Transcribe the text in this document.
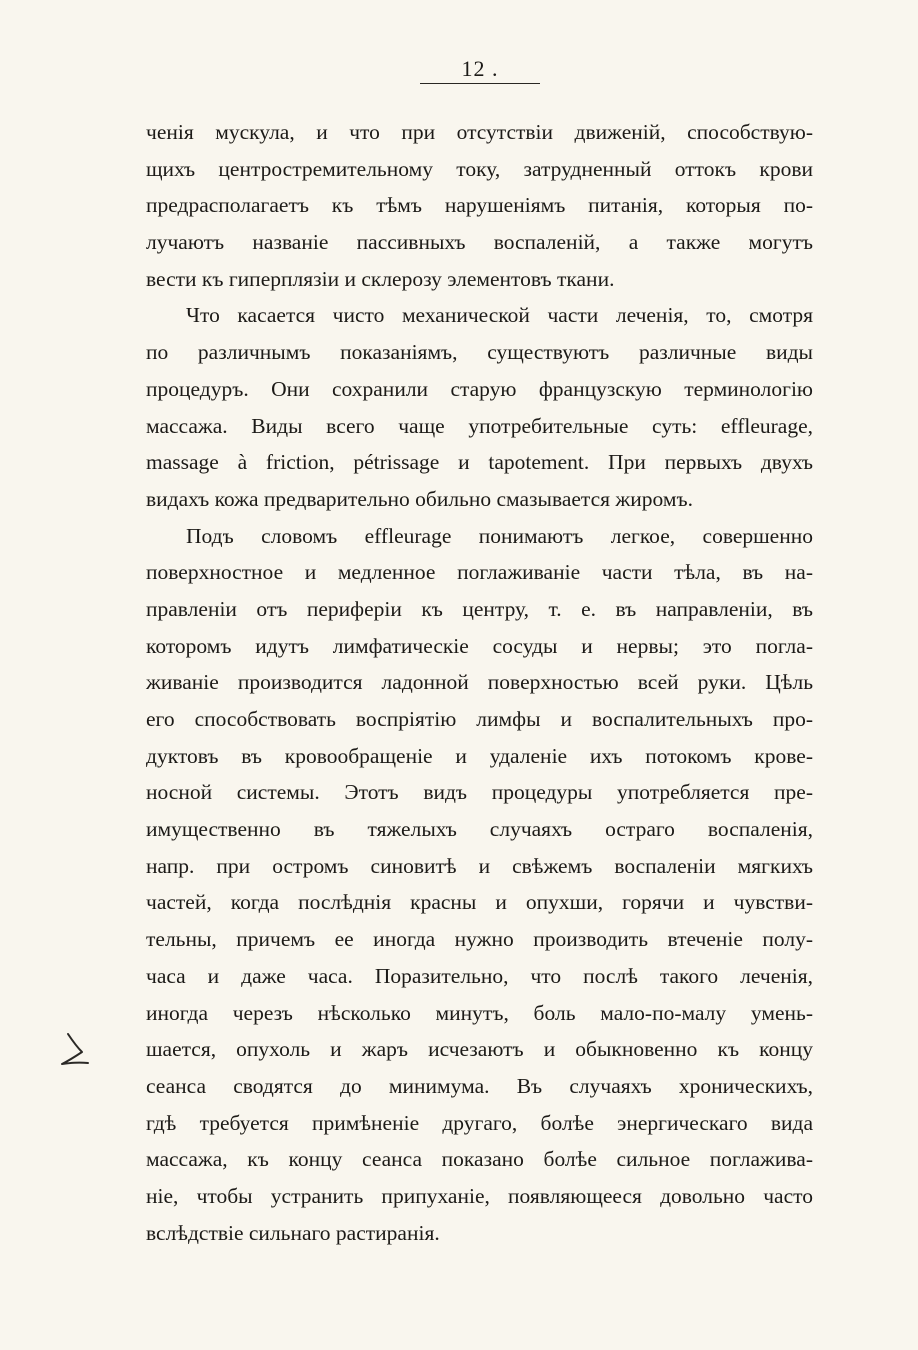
12 .
ченія мускула, и что при отсутствіи движеній, способствую-
щихъ центростремительному току, затрудненный оттокъ крови
предрасполагаетъ къ тѣмъ нарушеніямъ питанія, которыя по-
лучаютъ названіе пассивныхъ воспаленій, а также могутъ
вести къ гиперплязіи и склерозу элементовъ ткани.
Что касается чисто механической части леченія, то, смотря
по различнымъ показаніямъ, существуютъ различные виды
процедуръ. Они сохранили старую французскую терминологію
массажа. Виды всего чаще употребительные суть: effleurage,
massage à friction, pétrissage и tapotement. При первыхъ двухъ
видахъ кожа предварительно обильно смазывается жиромъ.
Подъ словомъ effleurage понимаютъ легкое, совершенно
поверхностное и медленное поглаживаніе части тѣла, въ на-
правленіи отъ периферіи къ центру, т. е. въ направленіи, въ
которомъ идутъ лимфатическіе сосуды и нервы; это погла-
живаніе производится ладонной поверхностью всей руки. Цѣль
его способствовать воспріятію лимфы и воспалительныхъ про-
дуктовъ въ кровообращеніе и удаленіе ихъ потокомъ крове-
носной системы. Этотъ видъ процедуры употребляется пре-
имущественно въ тяжелыхъ случаяхъ остраго воспаленія,
напр. при остромъ синовитѣ и свѣжемъ воспаленіи мягкихъ
частей, когда послѣднія красны и опухши, горячи и чувстви-
тельны, причемъ ее иногда нужно производить втеченіе полу-
часа и даже часа. Поразительно, что послѣ такого леченія,
иногда черезъ нѣсколько минутъ, боль мало-по-малу умень-
шается, опухоль и жаръ исчезаютъ и обыкновенно къ концу
сеанса сводятся до минимума. Въ случаяхъ хроническихъ,
гдѣ требуется примѣненіе другаго, болѣе энергическаго вида
массажа, къ концу сеанса показано болѣе сильное поглажива-
ніе, чтобы устранить припуханіе, появляющееся довольно часто
вслѣдствіе сильнаго растиранія.
